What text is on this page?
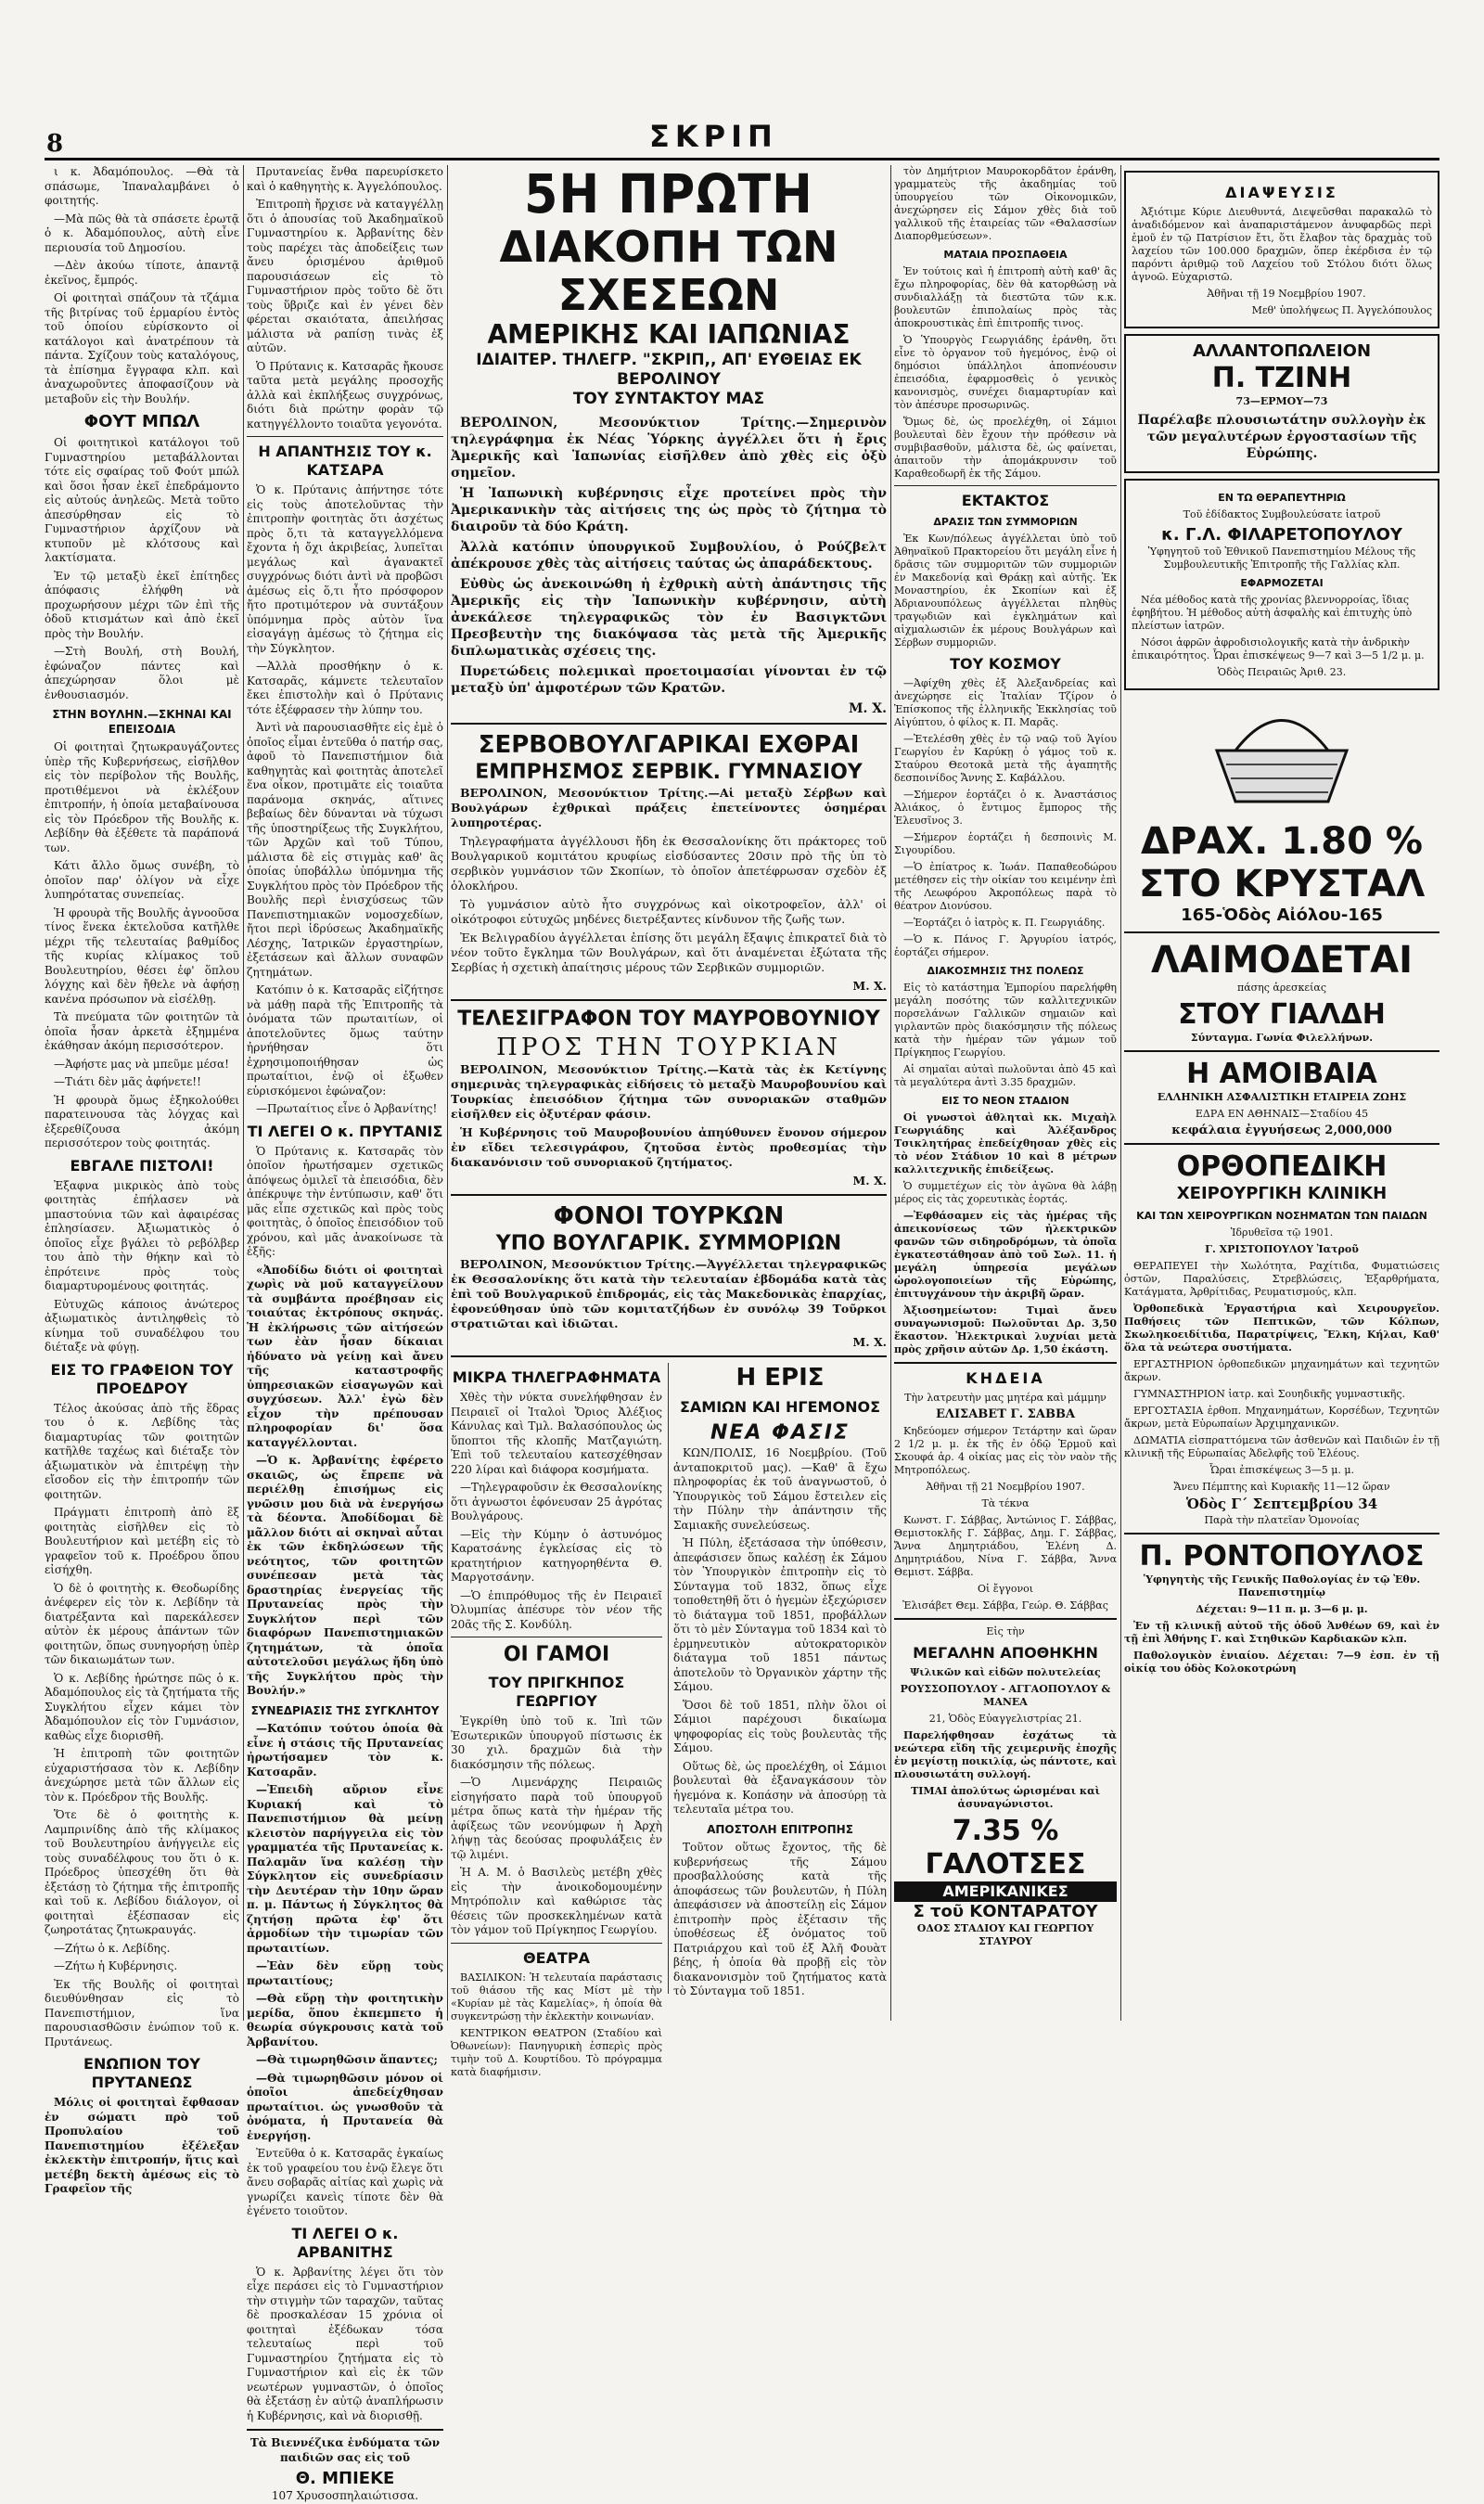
8	ΣΚΡΙΠ

ι κ. Ἀδαμόπουλος. —Θὰ τὰ σπάσωμε, Ἰπαναλαμβάνει ὁ φοιτητής.

—Μὰ πῶς θὰ τὰ σπάσετε ἐρωτᾷ ὁ κ. Ἀδαμόπουλος, αὐτὴ εἶνε περιουσία τοῦ Δημοσίου.

—Δὲν ἀκούω τίποτε, ἀπαντᾷ ἐκεῖνος, ἔμπρός.

Οἱ φοιτηταὶ σπάζουν τὰ τζάμια τῆς βιτρίνας τοῦ ἑρμαρίου ἐντὸς τοῦ ὁποίου εὑρίσκοντο οἱ κατάλογοι καὶ ἀνατρέπουν τὰ πάντα. Σχίζουν τοὺς καταλόγους, τὰ ἐπίσημα ἔγγραφα κλπ. καὶ ἀναχωροῦντες ἀποφασίζουν νὰ μεταβοῦν εἰς τὴν Βουλήν.

ΦΟΥΤ ΜΠΩΛ

Οἱ φοιτητικοὶ κατάλογοι τοῦ Γυμναστηρίου μεταβάλλονται τότε εἰς σφαίρας τοῦ Φούτ μπώλ καὶ ὅσοι ἦσαν ἐκεῖ ἐπεδράμοντο εἰς αὐτούς ἀνηλεῶς. Μετὰ τοῦτο ἀπεσύρθησαν εἰς τὸ Γυμναστήριον ἀρχίζουν νὰ κτυποῦν μὲ κλότσους καὶ λακτίσματα.

Ἐν τῷ μεταξὺ ἐκεῖ ἐπίτηδες ἀπόφασις ἐλήφθη νὰ προχωρήσουν μέχρι τῶν ἐπὶ τῆς ὁδοῦ κτισμάτων καὶ ἀπὸ ἐκεῖ πρὸς τὴν Βουλήν.

—Στὴ Βουλή, στὴ Βουλή, ἐφώναζον πάντες καὶ ἀπεχώρησαν ὅλοι μὲ ἐνθουσιασμόν.

ΣΤΗΝ ΒΟΥΛΗΝ.—ΣΚΗΝΑΙ ΚΑΙ ΕΠΕΙΣΟΔΙΑ

Οἱ φοιτηταὶ ζητωκραυγάζοντες ὑπὲρ τῆς Κυβερνήσεως, εἰσῆλθον εἰς τὸν περίβολον τῆς Βουλῆς, προτιθέμενοι νὰ ἐκλέξουν ἐπιτροπήν, ἡ ὁποία μεταβαίνουσα εἰς τὸν Πρόεδρον τῆς Βουλῆς κ. Λεβίδην θὰ ἐξέθετε τὰ παράπονά των.

Κάτι ἄλλο ὅμως συνέβη, τὸ ὁποῖον παρ' ὀλίγον νὰ εἶχε λυπηρότατας συνεπείας.

Ἡ φρουρὰ τῆς Βουλῆς ἀγνοοῦσα τίνος ἕνεκα ἐκτελοῦσα κατῆλθε μέχρι τῆς τελευταίας βαθμίδος τῆς κυρίας κλίμακος τοῦ Βουλευτηρίου, θέσει ἐφ' ὅπλου λόγχης καὶ δὲν ἤθελε νὰ ἀφήσῃ κανένα πρόσωπον νὰ εἰσέλθῃ.

Τὰ πνεύματα τῶν φοιτητῶν τὰ ὁποῖα ἦσαν ἀρκετὰ ἐξημμένα ἐκάθησαν ἀκόμη περισσότερον.

—Ἀφήστε μας νὰ μπεῦμε μέσα!

—Τιάτι δὲν μᾶς ἀφήνετε!!

Ἡ φρουρὰ ὅμως ἐξηκολούθει παρατεινουσα τὰς λόγχας καὶ ἐξερεθίζουσα ἀκόμη περισσότερον τοὺς φοιτητάς.

ΕΒΓΑΛΕ ΠΙΣΤΟΛΙ!

Ἐξαφνα μικρικὸς ἀπὸ τοὺς φοιτητὰς ἐπήλασεν νὰ μπαστούνια τῶν καὶ ἀφαιρέσας ἐπλησίασεν. Ἀξιωματικὸς ὁ ὁποῖος εἶχε βγάλει τὸ ρεβόλβερ του ἀπὸ τὴν θήκην καὶ τὸ ἐπρότεινε πρὸς τοὺς διαμαρτυρομένους φοιτητάς.

Εὐτυχῶς κάποιος ἀνώτερος ἀξιωματικὸς ἀντιληφθεὶς τὸ κίνημα τοῦ συναδέλφου του διέταξε νὰ φύγῃ.

ΕΙΣ ΤΟ ΓΡΑΦΕΙΟΝ ΤΟΥ ΠΡΟΕΔΡΟΥ

Τέλος ἀκούσας ἀπὸ τῆς ἕδρας του ὁ κ. Λεβίδης τὰς διαμαρτυρίας τῶν φοιτητῶν κατῆλθε ταχέως καὶ διέταξε τὸν ἀξιωματικὸν νὰ ἐπιτρέψῃ τὴν εἴσοδον εἰς τὴν ἐπιτροπήν τῶν φοιτητῶν.

Πράγματι ἐπιτροπὴ ἀπὸ ἓξ φοιτητὰς εἰσῆλθεν εἰς τὸ Βουλευτήριον καὶ μετέβη εἰς τὸ γραφεῖον τοῦ κ. Προέδρου ὅπου εἰσήχθη.

Ὁ δὲ ὁ φοιτητὴς κ. Θεοδωρίδης ἀνέφερεν εἰς τὸν κ. Λεβίδην τὰ διατρέξαντα καὶ παρεκάλεσεν αὐτὸν ἐκ μέρους ἁπάντων τῶν φοιτητῶν, ὅπως συνηγορήσῃ ὑπὲρ τῶν δικαιωμάτων των.

Ὁ κ. Λεβίδης ἠρώτησε πῶς ὁ κ. Ἀδαμόπουλος εἰς τὰ ζητήματα τῆς Συγκλήτου εἶχεν κάμει τὸν Ἀδαμόπουλον εἰς τὸν Γυμνάσιον, καθὼς εἶχε διορισθῆ.

Ἡ ἐπιτροπὴ τῶν φοιτητῶν εὐχαριστήσασα τὸν κ. Λεβίδην ἀνεχώρησε μετὰ τῶν ἄλλων εἰς τὸν κ. Πρόεδρον τῆς Βουλῆς.

Ὅτε δὲ ὁ φοιτητὴς κ. Λαμπρινίδης ἀπὸ τῆς κλίμακος τοῦ Βουλευτηρίου ἀνήγγειλε εἰς τοὺς συναδέλφους του ὅτι ὁ κ. Πρόεδρος ὑπεσχέθη ὅτι θὰ ἐξετάσῃ τὸ ζήτημα τῆς ἐπιτροπῆς καὶ τοῦ κ. Λεβίδου διάλογον, οἱ φοιτηταὶ ἐξέσπασαν εἰς ζωηροτάτας ζητωκραυγάς.

—Ζήτω ὁ κ. Λεβίδης.

—Ζήτω ἡ Κυβέρνησις.

Ἐκ τῆς Βουλῆς οἱ φοιτηταὶ διευθύνθησαν εἰς τὸ Πανεπιστήμιον, ἵνα παρουσιασθῶσιν ἐνώπιον τοῦ κ. Πρυτάνεως.

ΕΝΩΠΙΟΝ ΤΟΥ ΠΡΥΤΑΝΕΩΣ

Μόλις οἱ φοιτηταὶ ἔφθασαν ἐν σώματι πρὸ τοῦ Προπυλαίου τοῦ Πανεπιστημίου ἐξέλεξαν ἐκλεκτὴν ἐπιτροπήν, ἥτις καὶ μετέβη δεκτὴ ἀμέσως εἰς τὸ Γραφεῖον τῆς

Πρυτανείας ἔνθα παρευρίσκετο καὶ ὁ καθηγητὴς κ. Ἀγγελόπουλος.

Ἐπιτροπὴ ἤρχισε νὰ καταγγέλλῃ ὅτι ὁ ἀπουσίας τοῦ Ἀκαδημαϊκοῦ Γυμναστηρίου κ. Ἀρβανίτης δὲν τοὺς παρέχει τὰς ἀποδείξεις των ἄνευ ὁρισμένου ἀριθμοῦ παρουσιάσεων εἰς τὸ Γυμναστήριον πρὸς τοῦτο δὲ ὅτι τοὺς ὕβριζε καὶ ἐν γένει δὲν φέρεται σκαιότατα, ἀπειλήσας μάλιστα νὰ ραπίσῃ τινὰς ἐξ αὐτῶν.

Ὁ Πρύτανις κ. Κατσαρᾶς ἤκουσε ταῦτα μετὰ μεγάλης προσοχῆς ἀλλὰ καὶ ἐκπλήξεως συγχρόνως, διότι διὰ πρώτην φορὰν τῷ κατηγγέλλοντο τοιαῦτα γεγονότα.

Η ΑΠΑΝΤΗΣΙΣ ΤΟΥ κ. ΚΑΤΣΑΡΑ

Ὁ κ. Πρύτανις ἀπήντησε τότε εἰς τοὺς ἀποτελοῦντας τὴν ἐπιτροπὴν φοιτητὰς ὅτι ἀσχέτως πρὸς ὅ,τι τὰ καταγγελλόμενα ἔχοντα ἡ ὄχι ἀκριβείας, λυπεῖται μεγάλως καὶ ἀγανακτεῖ συγχρόνως διότι ἀντὶ νὰ προβῶσι ἀμέσως εἰς ὅ,τι ἦτο πρόσφορον ἤτο προτιμότερον νὰ συντάξουν ὑπόμνημα πρὸς αὐτὸν ἵνα εἰσαγάγῃ ἀμέσως τὸ ζήτημα εἰς τὴν Σύγκλητον.

—Ἀλλὰ προσθήκην ὁ κ. Κατσαρᾶς, κάμνετε τελευταῖον ἔκει ἐπιστολὴν καὶ ὁ Πρύτανις τότε ἐξέφρασεν τὴν λύπην του.

Ἀντὶ νὰ παρουσιασθῆτε εἰς ἐμὲ ὁ ὁποῖος εἶμαι ἐντεῦθα ὁ πατήρ σας, ἀφοῦ τὸ Πανεπιστήμιον διὰ καθηγητὰς καὶ φοιτητὰς ἀποτελεῖ ἕνα οἶκον, προτιμᾶτε εἰς τοιαῦτα παράνομα σκηνάς, αἵτινες βεβαίως δὲν δύνανται νὰ τύχωσι τῆς ὑποστηρίξεως τῆς Συγκλήτου, τῶν Ἀρχῶν καὶ τοῦ Τύπου, μάλιστα δὲ εἰς στιγμὰς καθ' ἃς ὁποίας ὑποβάλλω ὑπόμνημα τῆς Συγκλήτου πρὸς τὸν Πρόεδρον τῆς Βουλῆς περὶ ἐνισχύσεως τῶν Πανεπιστημιακῶν νομοσχεδίων, ἤτοι περὶ ἱδρύσεως Ἀκαδημαϊκῆς Λέσχης, Ἰατρικῶν ἐργαστηρίων, ἐξετάσεων καὶ ἄλλων συναφῶν ζητημάτων.

Κατόπιν ὁ κ. Κατσαρᾶς εἰζήτησε νὰ μάθῃ παρὰ τῆς Ἐπιτροπῆς τὰ ὀνόματα τῶν πρωταιτίων, οἱ ἀποτελοῦντες ὅμως ταύτην ἠρνήθησαν ὅτι ἐχρησιμοποιήθησαν ὡς πρωταίτιοι, ἐνῷ οἱ ἐξωθεν εὑρισκόμενοι ἐφώναζον:

—Πρωταίτιος εἶνε ὁ Ἀρβανίτης!

ΤΙ ΛΕΓΕΙ Ο κ. ΠΡΥΤΑΝΙΣ

Ὁ Πρύτανις κ. Κατσαρᾶς τὸν ὁποῖον ἠρωτήσαμεν σχετικῶς ἀπόψεως ὁμιλεῖ τὰ ἐπεισόδια, δὲν ἀπέκρυψε τὴν ἐντύπωσιν, καθ' ὅτι μᾶς εἶπε σχετικῶς καὶ πρὸς τοὺς φοιτητὰς, ὁ ὁποῖος ἐπεισόδιον τοῦ χρόνου, καὶ μᾶς ἀνακοίνωσε τὰ ἑξῆς:

«Ἀποδίδω διότι οἱ φοιτηταὶ χωρὶς νὰ μοῦ καταγγείλουν τὰ συμβάντα προέβησαν εἰς τοιαύτας ἐκτρόπους σκηνάς. Ἡ ἐκλήρωσις τῶν αἰτήσεών των ἐὰν ἦσαν δίκαιαι ἠδύνατο νὰ γείνῃ καὶ ἄνευ τῆς καταστροφῆς ὑπηρεσιακῶν εἰσαγωγῶν καὶ συγχύσεων. Ἀλλ' ἐγὼ δὲν εἶχον τὴν πρέπουσαν πληροφορίαν δι' ὅσα καταγγέλλονται.

—Ὁ κ. Ἀρβανίτης ἐφέρετο σκαιῶς, ὡς ἔπρεπε νὰ περιέλθῃ ἐπισήμως εἰς γνῶσιν μου διὰ νὰ ἐνεργήσω τὰ δέοντα. Ἀποδίδομαι δὲ μᾶλλον διότι αἱ σκηναὶ αὗται ἐκ τῶν ἐκδηλώσεων τῆς νεότητος, τῶν φοιτητῶν συνέπεσαν μετὰ τὰς δραστηρίας ἐνεργείας τῆς Πρυτανείας πρὸς τὴν Συγκλήτον περὶ τῶν διαφόρων Πανεπιστημιακῶν ζητημάτων, τὰ ὁποῖα αὐτοτελοῦσι μεγάλως ἤδη ὑπὸ τῆς Συγκλήτου πρὸς τὴν Βουλήν.»

ΣΥΝΕΔΡΙΑΣΙΣ ΤΗΣ ΣΥΓΚΛΗΤΟΥ

—Κατόπιν τούτου ὁποία θὰ εἶνε ἡ στάσις τῆς Πρυτανείας ἠρωτήσαμεν τὸν κ. Κατσαρᾶν.

—Ἐπειδὴ αὔριον εἶνε Κυριακή καὶ τὸ Πανεπιστήμιον θὰ μείνῃ κλειστὸν παρήγγειλα εἰς τὸν γραμματέα τῆς Πρυτανείας κ. Παλαμᾶν ἵνα καλέσῃ τὴν Σύγκλητον εἰς συνεδρίασιν τὴν Δευτέραν τὴν 10ην ὥραν π. μ. Πάντως ἡ Σύγκλητος θὰ ζητήσῃ πρῶτα ἐφ' ὅτι ἀρμοδίων τὴν τιμωρίαν τῶν πρωταιτίων.

—Ἐὰν δὲν εὕρῃ τοὺς πρωταιτίους;

—Θὰ εὕρῃ τὴν φοιτητικὴν μερίδα, ὅπου ἐκπεμπετο ἡ θεωρία σύγκρουσις κατὰ τοῦ Ἀρβανίτου.

—Θὰ τιμωρηθῶσιν ἅπαντες;

—Θὰ τιμωρηθῶσιν μόνον οἱ ὁποῖοι ἀπεδείχθησαν πρωταίτιοι. ὡς γνωσθοῦν τὰ ὀνόματα, ἡ Πρυτανεία θὰ ἐνεργήσῃ.

Ἐντεῦθα ὁ κ. Κατσαρᾶς ἐγκαίως ἐκ τοῦ γραφείου του ἐνῷ ἔλεγε ὅτι ἄνευ σοβαρᾶς αἰτίας καὶ χωρὶς νὰ γνωρίζει κανεὶς τίποτε δὲν θὰ ἐγένετο τοιοῦτον.

ΤΙ ΛΕΓΕΙ Ο κ. ΑΡΒΑΝΙΤΗΣ

Ὁ κ. Ἀρβανίτης λέγει ὅτι τὸν εἶχε περάσει εἰς τὸ Γυμναστήριον τὴν στιγμὴν τῶν ταραχῶν, ταῦτας δὲ προσκαλέσαν 15 χρόνια οἱ φοιτηταὶ ἐξέδωκαν τόσα τελευταίως περὶ τοῦ Γυμναστηρίου ζητήματα εἰς τὸ Γυμναστήριον καὶ εἰς ἐκ τῶν νεωτέρων γυμναστῶν, ὁ ὁποῖος θὰ ἐξετάσῃ ἐν αὐτῷ ἀναπλήρωσιν ἡ Κυβέρνησις, καὶ νὰ διορισθῇ.

Τὰ Βιεννέζικα ἐνδύματα τῶν παιδιῶν σας εἰς τοῦ

Θ. ΜΠΙΕΚΕ

107 Χρυσοσπηλαιώτισσα.

5Η ΠΡΩΤΗ
ΔΙΑΚΟΠΗ ΤΩΝ ΣΧΕΣΕΩΝ
ΑΜΕΡΙΚΗΣ ΚΑΙ ΙΑΠΩΝΙΑΣ
ΙΔΙΑΙΤΕΡ. ΤΗΛΕΓΡ. "ΣΚΡΙΠ,, ΑΠ' ΕΥΘΕΙΑΣ ΕΚ ΒΕΡΟΛΙΝΟΥ
ΤΟΥ ΣΥΝΤΑΚΤΟΥ ΜΑΣ

ΒΕΡΟΛΙΝΟΝ, Μεσονύκτιον Τρίτης.—Σημερινὸν τηλεγράφημα ἐκ Νέας Ὑόρκης ἀγγέλλει ὅτι ἡ ἔρις Ἀμερικῆς καὶ Ἰαπωνίας εἰσῆλθεν ἀπὸ χθὲς εἰς ὀξὺ σημεῖον.

Ἡ Ἰαπωνικὴ κυβέρνησις εἶχε προτείνει πρὸς τὴν Ἀμερικανικὴν τὰς αἰτήσεις της ὡς πρὸς τὸ ζήτημα τὸ διαιροῦν τὰ δύο Κράτη.

Ἀλλὰ κατόπιν ὑπουργικοῦ Συμβουλίου, ὁ Ρούζβελτ ἀπέκρουσε χθὲς τὰς αἰτήσεις ταύτας ὡς ἀπαράδεκτους.

Εὐθὺς ὡς ἀνεκοινώθη ἡ ἐχθρικὴ αὐτὴ ἀπάντησις τῆς Ἀμερικῆς εἰς τὴν Ἰαπωνικὴν κυβέρνησιν, αὐτὴ ἀνεκάλεσε τηλεγραφικῶς τὸν ἐν Βασιγκτῶνι Πρεσβευτὴν της διακόψασα τὰς μετὰ τῆς Ἀμερικῆς διπλωματικὰς σχέσεις της.

Πυρετώδεις πολεμικαὶ προετοιμασίαι γίνονται ἐν τῷ μεταξὺ ὑπ' ἀμφοτέρων τῶν Κρατῶν.

Μ. Χ.

ΣΕΡΒΟΒΟΥΛΓΑΡΙΚΑΙ ΕΧΘΡΑΙ
ΕΜΠΡΗΣΜΟΣ ΣΕΡΒΙΚ. ΓΥΜΝΑΣΙΟΥ

ΒΕΡΟΛΙΝΟΝ, Μεσονύκτιον Τρίτης.—Αἱ μεταξὺ Σέρβων καὶ Βουλγάρων ἐχθρικαὶ πράξεις ἐπετείνοντες ὁσημέραι λυπηροτέρας.

Τηλεγραφήματα ἀγγέλλουσι ἤδη ἐκ Θεσσαλονίκης ὅτι πράκτορες τοῦ Βουλγαρικοῦ κομιτάτου κρυφίως εἰσδύσαντες 20σιν πρὸ τῆς ὑπ τὸ σερβικὸν γυμνάσιον τῶν Σκοπίων, τὸ ὁποῖον ἀπετέφρωσαν σχεδὸν ἐξ ὁλοκλήρου.

Τὸ γυμνάσιον αὐτὸ ἦτο συγχρόνως καὶ οἰκοτροφεῖον, ἀλλ' οἱ οἰκότροφοι εὐτυχῶς μηδένες διετρέξαντες κίνδυνον τῆς ζωῆς των.

Ἐκ Βελιγραδίου ἀγγέλλεται ἐπίσης ὅτι μεγάλη ἔξαψις ἐπικρατεῖ διὰ τὸ νέον τοῦτο ἔγκλημα τῶν Βουλγάρων, καὶ ὅτι ἀναμένεται ἐξώτατα τῆς Σερβίας ἡ σχετικὴ ἀπαίτησις μέρους τῶν Σερβικῶν συμμοριῶν.

Μ. Χ.

ΤΕΛΕΣΙΓΡΑΦΟΝ ΤΟΥ ΜΑΥΡΟΒΟΥΝΙΟΥ
ΠΡΟΣ ΤΗΝ ΤΟΥΡΚΙΑΝ

ΒΕΡΟΛΙΝΟΝ, Μεσονύκτιον Τρίτης.—Κατὰ τὰς ἐκ Κετίγνης σημερινὰς τηλεγραφικὰς εἰδήσεις τὸ μεταξὺ Μαυροβουνίου καὶ Τουρκίας ἐπεισόδιον ζήτημα τῶν συνοριακῶν σταθμῶν εἰσῆλθεν εἰς ὀξυτέραν φάσιν.

Ἡ Κυβέρνησις τοῦ Μαυροβουνίου ἀπηύθυνεν ἔνονον σήμερον ἐν εἴδει τελεσιγράφου, ζητοῦσα ἐντὸς προθεσμίας τὴν διακανόνισιν τοῦ συνοριακοῦ ζητήματος.

Μ. Χ.

ΦΟΝΟΙ ΤΟΥΡΚΩΝ
ΥΠΟ ΒΟΥΛΓΑΡΙΚ. ΣΥΜΜΟΡΙΩΝ

ΒΕΡΟΛΙΝΟΝ, Μεσονύκτιον Τρίτης.—Ἀγγέλλεται τηλεγραφικῶς ἐκ Θεσσαλονίκης ὅτι κατὰ τὴν τελευταίαν ἑβδομάδα κατὰ τὰς ἐπὶ τοῦ Βουλγαρικοῦ ἐπιδρομάς, εἰς τὰς Μακεδονικὰς ἐπαρχίας, ἐφονεύθησαν ὑπὸ τῶν κομιτατζήδων ἐν συνόλῳ 39 Τοῦρκοι στρατιῶται καὶ ἰδιῶται.

Μ. Χ.

ΜΙΚΡΑ ΤΗΛΕΓΡΑΦΗΜΑΤΑ

Χθὲς τὴν νύκτα συνελήφθησαν ἐν Πειραιεῖ οἱ Ἰταλοὶ Ὄριος Ἀλέξιος Κάνυλας καὶ Τμλ. Βαλασόπουλος ὡς ὕποπτοι τῆς κλοπῆς Ματζαγιώτη. Ἐπὶ τοῦ τελευταίου κατεσχέθησαν 220 λίραι καὶ διάφορα κοσμήματα.

—Τηλεγραφοῦσιν ἐκ Θεσσαλονίκης ὅτι ἀγνωστοι ἐφόνευσαν 25 ἀγρότας Βουλγάρους.

—Εἰς τὴν Κύμην ὁ ἀστυνόμος Καρατσάνης ἐγκλείσας εἰς τὸ κρατητήριον κατηγορηθέντα Θ. Μαργοτσάνην.

—Ὁ ἐπιπρόθυμος τῆς ἐν Πειραιεῖ Ὀλυμπίας ἀπέσυρε τὸν νέον τῆς 20ᾶς τῆς Σ. Κονδύλη.

ΟΙ ΓΑΜΟΙ
ΤΟΥ ΠΡΙΓΚΗΠΟΣ ΓΕΩΡΓΙΟΥ

Ἐγκρίθη ὑπὸ τοῦ κ. Ἰπὶ τῶν Ἐσωτερικῶν ὑπουργοῦ πίστωσις ἐκ 30 χιλ. δραχμῶν διὰ τὴν διακόσμησιν τῆς πόλεως.

—Ὁ Λιμενάρχης Πειραιῶς εἰσηγήσατο παρὰ τοῦ ὑπουργοῦ μέτρα ὅπως κατὰ τὴν ἡμέραν τῆς ἀφίξεως τῶν νεονύμφων ἡ Ἀρχὴ λήψῃ τὰς δεούσας προφυλάξεις ἐν τῷ λιμένι.

Ἡ Α. Μ. ὁ Βασιλεὺς μετέβη χθὲς εἰς τὴν ἀνοικοδομουμένην Μητρόπολιν καὶ καθώρισε τὰς θέσεις τῶν προσκεκλημένων κατὰ τὸν γάμον τοῦ Πρίγκηπος Γεωργίου.

ΘΕΑΤΡΑ

ΒΑΣΙΛΙΚΟΝ: Ἡ τελευταία παράστασις τοῦ θιάσου τῆς κας Μίστ μὲ τὴν «Κυρίαν μὲ τὰς Καμελίας», ἡ ὁποία θὰ συγκεντρώσῃ τὴν ἐκλεκτὴν κοινωνίαν.

ΚΕΝΤΡΙΚΟΝ ΘΕΑΤΡΟΝ (Σταδίου καὶ Ὀθωνείων): Πανηγυρικὴ ἑσπερὶς πρὸς τιμὴν τοῦ Δ. Κουρτίδου. Τὸ πρόγραμμα κατὰ διαφήμισιν.

Η ΕΡΙΣ
ΣΑΜΙΩΝ ΚΑΙ ΗΓΕΜΟΝΟΣ
ΝΕΑ ΦΑΣΙΣ

ΚΩΝ/ΠΟΛΙΣ, 16 Νοεμβρίου. (Τοῦ ἀνταποκριτοῦ μας). —Καθ' ἃ ἔχω πληροφορίας ἐκ τοῦ ἀναγνωστοῦ, ὁ Ὑπουργικὸς τοῦ Σάμου ἔστειλεν εἰς τὴν Πύλην τὴν ἀπάντησιν τῆς Σαμιακῆς συνελεύσεως.

Ἡ Πύλη, ἐξετάσασα τὴν ὑπόθεσιν, ἀπεφάσισεν ὅπως καλέσῃ ἐκ Σάμου τὸν Ὑπουργικὸν ἐπιτροπὴν εἰς τὸ Σύνταγμα τοῦ 1832, ὅπως εἶχε τοποθετηθῆ ὅτι ὁ ἡγεμὼν ἐξεχώρισεν τὸ διάταγμα τοῦ 1851, προβάλλων ὅτι τὸ μὲν Σύνταγμα τοῦ 1834 καὶ τὸ ἑρμηνευτικὸν αὐτοκρατορικὸν διάταγμα τοῦ 1851 πάντως ἀποτελοῦν τὸ Ὀργανικὸν χάρτην τῆς Σάμου.

Ὅσοι δὲ τοῦ 1851, πλὴν ὅλοι οἱ Σάμιοι παρέχουσι δικαίωμα ψηφοφορίας εἰς τοὺς βουλευτὰς τῆς Σάμου.

Οὕτως δὲ, ὡς προελέχθη, οἱ Σάμιοι βουλευταὶ θὰ ἐξαναγκάσουν τὸν ἡγεμόνα κ. Κοπάσην νὰ ἀποσύρῃ τὰ τελευταῖα μέτρα του.

ΑΠΟΣΤΟΛΗ ΕΠΙΤΡΟΠΗΣ

Τοῦτον οὕτως ἔχοντος, τῆς δὲ κυβερνήσεως τῆς Σάμου προσβαλλούσης κατὰ τῆς ἀποφάσεως τῶν βουλευτῶν, ἡ Πύλη ἀπεφάσισεν νὰ ἀποστείλῃ εἰς Σάμον ἐπιτροπὴν πρὸς ἐξέτασιν τῆς ὑποθέσεως ἐξ ὀνόματος τοῦ Πατριάρχου καὶ τοῦ ἐξ Ἀλῆ Φουὰτ βέης, ἡ ὁποία θὰ προβῇ εἰς τὸν διακανονισμὸν τοῦ ζητήματος κατὰ τὸ Σύνταγμα τοῦ 1851.

τὸν Δημήτριον Μαυροκορδᾶτον ἐράνθη, γραμματεὺς τῆς ἀκαδημίας τοῦ ὑπουργείου τῶν Οἰκονομικῶν, ἀνεχώρησεν εἰς Σάμον χθὲς διὰ τοῦ γαλλικοῦ τῆς ἑταιρείας τῶν «Θαλασσίων Διαπορθμεύσεων».

ΜΑΤΑΙΑ ΠΡΟΣΠΑΘΕΙΑ

Ἐν τούτοις καὶ ἡ ἐπιτροπὴ αὐτὴ καθ' ἃς ἔχω πληροφορίας, δὲν θὰ κατορθώσῃ νὰ συνδιαλλάξῃ τὰ διεστῶτα τῶν κ.κ. βουλευτῶν ἐπιπολαίως πρὸς τὰς ἀποκρουστικὰς ἐπὶ ἐπιτροπῆς τινος.

Ὁ Ὑπουργὸς Γεωργιάδης ἐράνθη, ὅτι εἶνε τὸ ὀργανον τοῦ ἡγεμόνος, ἐνῷ οἱ δημόσιοι ὑπάλληλοι ἀποπνέουσιν ἐπεισόδια, ἐφαρμοσθεὶς ὁ γενικὸς κανονισμὸς, συνέχει διαμαρτυρίαν καὶ τὸν ἀπέσυρε προσωρινῶς.

Ὅμως δὲ, ὡς προελέχθη, οἱ Σάμιοι βουλευταὶ δὲν ἔχουν τὴν πρόθεσιν νὰ συμβιβασθοῦν, μάλιστα δὲ, ὡς φαίνεται, ἀπαιτοῦν τὴν ἀπομάκρυνσιν τοῦ Καραθεοδωρῆ ἐκ τῆς Σάμου.

ΕΚΤΑΚΤΟΣ
ΔΡΑΣΙΣ ΤΩΝ ΣΥΜΜΟΡΙΩΝ

Ἐκ Κων/πόλεως ἀγγέλλεται ὑπὸ τοῦ Ἀθηναϊκοῦ Πρακτορείου ὅτι μεγάλη εἶνε ἡ δρᾶσις τῶν συμμοριτῶν τῶν συμμοριῶν ἐν Μακεδονίᾳ καὶ Θράκῃ καὶ αὐτῆς. Ἐκ Μοναστηρίου, ἐκ Σκοπίων καὶ ἐξ Ἀδριανουπόλεως ἀγγέλλεται πληθὺς τραγῳδιῶν καὶ ἐγκλημάτων καὶ αἰχμαλωσιῶν ἐκ μέρους Βουλγάρων καὶ Σέρβων συμμοριῶν.

ΤΟΥ ΚΟΣΜΟΥ

—Ἀφίχθη χθὲς ἐξ Ἀλεξανδρείας καὶ ἀνεχώρησε εἰς Ἰταλίαν Τζίρον ὁ Ἐπίσκοπος τῆς ἑλληνικῆς Ἐκκλησίας τοῦ Αἰγύπτου, ὁ φίλος κ. Π. Μαρᾶς.

—Ἐτελέσθη χθὲς ἐν τῷ ναῷ τοῦ Ἁγίου Γεωργίου ἐν Καρύκῃ ὁ γάμος τοῦ κ. Σταύρου Θεοτοκᾶ μετὰ τῆς ἀγαπητῆς δεσποινίδος Ἄννης Σ. Καβάλλου.

—Σήμερον ἑορτάζει ὁ κ. Ἀναστάσιος Ἀλιάκος, ὁ ἔντιμος ἔμπορος τῆς Ἑλευσῖνος 3.

—Σήμερον ἑορτάζει ἡ δεσποινὶς Μ. Σιγουρίδου.

—Ὁ ἐπίατρος κ. Ἰωάν. Παπαθεοδώρου μετέθησεν εἰς τὴν οἰκίαν του κειμένην ἐπὶ τῆς Λεωφόρου Ἀκροπόλεως παρὰ τὸ θέατρον Διονύσου.

—Ἑορτάζει ὁ ἰατρὸς κ. Π. Γεωργιάδης.

—Ὁ κ. Πάνος Γ. Ἀργυρίου ἰατρός, ἑορτάζει σήμερον.

ΔΙΑΚΟΣΜΗΣΙΣ ΤΗΣ ΠΟΛΕΩΣ

Εἰς τὸ κατάστημα Ἐμπορίου παρελήφθη μεγάλη ποσότης τῶν καλλιτεχνικῶν πορσελάνων Γαλλικῶν σημαιῶν καὶ γιρλαντῶν πρὸς διακόσμησιν τῆς πόλεως κατὰ τὴν ἡμέραν τῶν γάμων τοῦ Πρίγκηπος Γεωργίου.

Αἱ σημαῖαι αὐταὶ πωλοῦνται ἀπὸ 45 καὶ τὰ μεγαλύτερα ἀντὶ 3.35 δραχμῶν.

ΕΙΣ ΤΟ ΝΕΟΝ ΣΤΑΔΙΟΝ

Οἱ γνωστοὶ ἀθληταὶ κκ. Μιχαὴλ Γεωργιάδης καὶ Ἀλέξανδρος Τσικλητήρας ἐπεδείχθησαν χθὲς εἰς τὸ νέον Στάδιον 10 καὶ 8 μέτρων καλλιτεχνικῆς ἐπιδείξεως.

Ὁ συμμετέχων εἰς τὸν ἀγῶνα θὰ λάβῃ μέρος εἰς τὰς χορευτικὰς ἑορτάς.

—Ἐφθάσαμεν εἰς τὰς ἡμέρας τῆς ἀπεικονίσεως τῶν ἠλεκτρικῶν φανῶν τῶν σιδηροδρόμων, τὰ ὁποῖα ἐγκατεστάθησαν ἀπὸ τοῦ Σωλ. 11. ἡ μεγάλη ὑπηρεσία μεγάλων ὡρολογοποιείων τῆς Εὐρώπης, ἐπιτυγχάνουν τὴν ἀκριβῆ ὥραν.

Ἀξιοσημείωτον: Τιμαὶ ἄνευ συναγωνισμοῦ: Πωλοῦνται Δρ. 3,50 ἕκαστον. Ἠλεκτρικαὶ λυχνίαι μετὰ πρὸς χρῆσιν αὐτῶν Δρ. 1,50 ἑκάστη.

ΚΗΔΕΙΑ

Τὴν λατρευτὴν μας μητέρα καὶ μάμμην

ΕΛΙΣΑΒΕΤ Γ. ΣΑΒΒΑ

Κηδεύομεν σήμερον Τετάρτην καὶ ὥραν 2 1/2 μ. μ. ἐκ τῆς ἐν ὁδῷ Ἑρμοῦ καὶ Σκουφά ἀρ. 4 οἰκίας μας εἰς τὸν ναὸν τῆς Μητροπόλεως.

Ἀθῆναι τῇ 21 Νοεμβρίου 1907.

Τὰ τέκνα

Κωνστ. Γ. Σάββας, Ἀντώνιος Γ. Σάββας, Θεμιστοκλῆς Γ. Σάββας, Δημ. Γ. Σάββας, Ἄννα Δημητριάδου, Ἑλένη Δ. Δημητριάδου, Νίνα Γ. Σάββα, Ἄννα Θεμιστ. Σάββα.

Οἱ ἔγγονοι

Ἐλισάβετ Θεμ. Σάββα, Γεώρ. Θ. Σάββας

Εἰς τὴν

ΜΕΓΑΛΗΝ ΑΠΟΘΗΚΗΝ

Ψιλικῶν καὶ εἰδῶν πολυτελείας

ΡΟΥΣΣΟΠΟΥΛΟΥ - ΑΓΓΑΟΠΟΥΛΟΥ & ΜΑΝΕΑ

21, Ὁδὸς Εὐαγγελιστρίας 21.

Παρελήφθησαν ἐσχάτως τὰ νεώτερα εἴδη τῆς χειμερινῆς ἐποχῆς ἐν μεγίστῃ ποικιλίᾳ, ὡς πάντοτε, καὶ πλουσιωτάτη συλλογή.

ΤΙΜΑΙ ἀπολύτως ὡρισμέναι καὶ ἀσυναγώνιστοι.

7.35 %
ΓΑΛΟΤΣΕΣ
ΑΜΕΡΙΚΑΝΙΚΕΣ
Σ τοῦ ΚΟΝΤΑΡΑΤΟΥ

ΟΔΟΣ ΣΤΑΔΙΟΥ ΚΑΙ ΓΕΩΡΓΙΟΥ ΣΤΑΥΡΟΥ

ΔΙΑΨΕΥΣΙΣ

Ἀξιότιμε Κύριε Διευθυντά, Διεψεῦσθαι παρακαλῶ τὸ ἀναδιδόμενον καὶ ἀναπαριστάμενον ἀνυφαρδῶς περὶ ἐμοῦ ἐν τῷ Πατρίσιον ἔτι, ὅτι ἔλαβον τὰς δραχμὰς τοῦ λαχείου τῶν 100.000 δραχμῶν, ὅπερ ἐκέρδισα ἐν τῷ παρόντι ἀριθμῷ τοῦ Λαχείου τοῦ Στόλου διότι ὅλως ἀγνοῶ. Εὐχαριστῶ.

Ἀθῆναι τῇ 19 Νοεμβρίου 1907.

Μεθ' ὑπολήψεως Π. Ἀγγελόπουλος

ΑΛΛΑΝΤΟΠΩΛΕΙΟΝ
Π. ΤΖΙΝΗ

73—ΕΡΜΟΥ—73

Παρέλαβε πλουσιωτάτην συλλογὴν ἐκ τῶν μεγαλυτέρων ἐργοστασίων τῆς Εὐρώπης.

ΕΝ ΤΩ ΘΕΡΑΠΕΥΤΗΡΙΩ

Τοῦ ἐδίδακτος Συμβουλεύσατε ἰατροῦ

κ. Γ.Λ. ΦΙΛΑΡΕΤΟΠΟΥΛΟΥ

Ὑφηγητοῦ τοῦ Ἐθνικοῦ Πανεπιστημίου Μέλους τῆς Συμβουλευτικῆς Ἐπιτροπῆς τῆς Γαλλίας κλπ.

ΕΦΑΡΜΟΖΕΤΑΙ

Νέα μέθοδος κατὰ τῆς χρονίας βλεννορροίας, ἴδιας ἐφηβήτου. Ἡ μέθοδος αὐτὴ ἀσφαλὴς καὶ ἐπιτυχὴς ὑπὸ πλείστων ἰατρῶν.

Νόσοι ἀφρῶν ἀφροδισιολογικῆς κατὰ τὴν ἀνδρικὴν ἐπικαιρότητος. Ὧραι ἐπισκέψεως 9—7 καὶ 3—5 1/2 μ. μ.

Ὁδὸς Πειραιῶς Ἀριθ. 23.

ΔΡΑΧ. 1.80 %
ΣΤΟ ΚΡΥΣΤΑΛ
165-Ὁδὸς Αἰόλου-165
ΛΑΙΜΟΔΕΤΑΙ

πάσης ἀρεσκείας

ΣΤΟΥ ΓΙΑΛΔΗ

Σύνταγμα. Γωνία Φιλελλήνων.

Η ΑΜΟΙΒΑΙΑ

ΕΛΛΗΝΙΚΗ ΑΣΦΑΛΙΣΤΙΚΗ ΕΤΑΙΡΕΙΑ ΖΩΗΣ

ΕΔΡΑ ΕΝ ΑΘΗΝΑΙΣ—Σταδίου 45

κεφάλαια ἐγγυήσεως 2,000,000

ΟΡΘΟΠΕΔΙΚΗ
ΧΕΙΡΟΥΡΓΙΚΗ ΚΛΙΝΙΚΗ
ΚΑΙ ΤΩΝ ΧΕΙΡΟΥΡΓΙΚΩΝ ΝΟΣΗΜΑΤΩΝ ΤΩΝ ΠΑΙΔΩΝ

Ἱδρυθεῖσα τῷ 1901.

Γ. ΧΡΙΣΤΟΠΟΥΛΟΥ Ἰατροῦ

ΘΕΡΑΠΕΥΕΙ τὴν Χωλότητα, Ραχίτιδα, Φυματιώσεις ὀστῶν, Παραλύσεις, Στρεβλώσεις, Ἐξαρθρήματα, Κατάγματα, Ἀρθρίτιδας, Ρευματισμούς, κλπ.

Ὀρθοπεδικὰ Ἐργαστήρια καὶ Χειρουργεῖον. Παθήσεις τῶν Πεπτικῶν, τῶν Κόλπων, Σκωληκοειδίτιδα, Παρατρίψεις, Ἔλκη, Κήλαι, Καθ' ὅλα τὰ νεώτερα συστήματα.

ΕΡΓΑΣΤΗΡΙΟΝ ὀρθοπεδικῶν μηχανημάτων καὶ τεχνητῶν ἄκρων.

ΓΥΜΝΑΣΤΗΡΙΟΝ ἰατρ. καὶ Σουηδικῆς γυμναστικῆς.

ΕΡΓΟΣΤΑΣΙΑ ἐρθοπ. Μηχανημάτων, Κορσέδων, Τεχνητῶν ἄκρων, μετὰ Εὐρωπαίων Ἀρχιμηχανικῶν.

ΔΩΜΑΤΙΑ εἰσπραττόμενα τῶν ἀσθενῶν καὶ Παιδιῶν ἐν τῇ κλινικῇ τῆς Εὐρωπαίας Ἀδελφῆς τοῦ Ἐλέους.

Ὧραι ἐπισκέψεως 3—5 μ. μ.

Ἄνευ Πέμπτης καὶ Κυριακῆς 11—12 ὥραν

Ὁδὸς Γ΄ Σεπτεμβρίου 34

Παρὰ τὴν πλατεῖαν Ὁμονοίας

Π. ΡΟΝΤΟΠΟΥΛΟΣ

Ὑφηγητὴς τῆς Γενικῆς Παθολογίας ἐν τῷ Ἐθν. Πανεπιστημίῳ

Δέχεται: 9—11 π. μ. 3—6 μ. μ.

Ἐν τῇ κλινικῇ αὐτοῦ τῆς ὁδοῦ Ἀνθέων 69, καὶ ἐν τῇ ἐπὶ Ἀθήνης Γ. καὶ Στηθικῶν Καρδιακῶν κλπ.

Παθολογικὸν ἐνιαίου. Δέχεται: 7—9 ἐσπ. ἐν τῇ οἰκίᾳ του ὁδὸς Κολοκοτρώνη
